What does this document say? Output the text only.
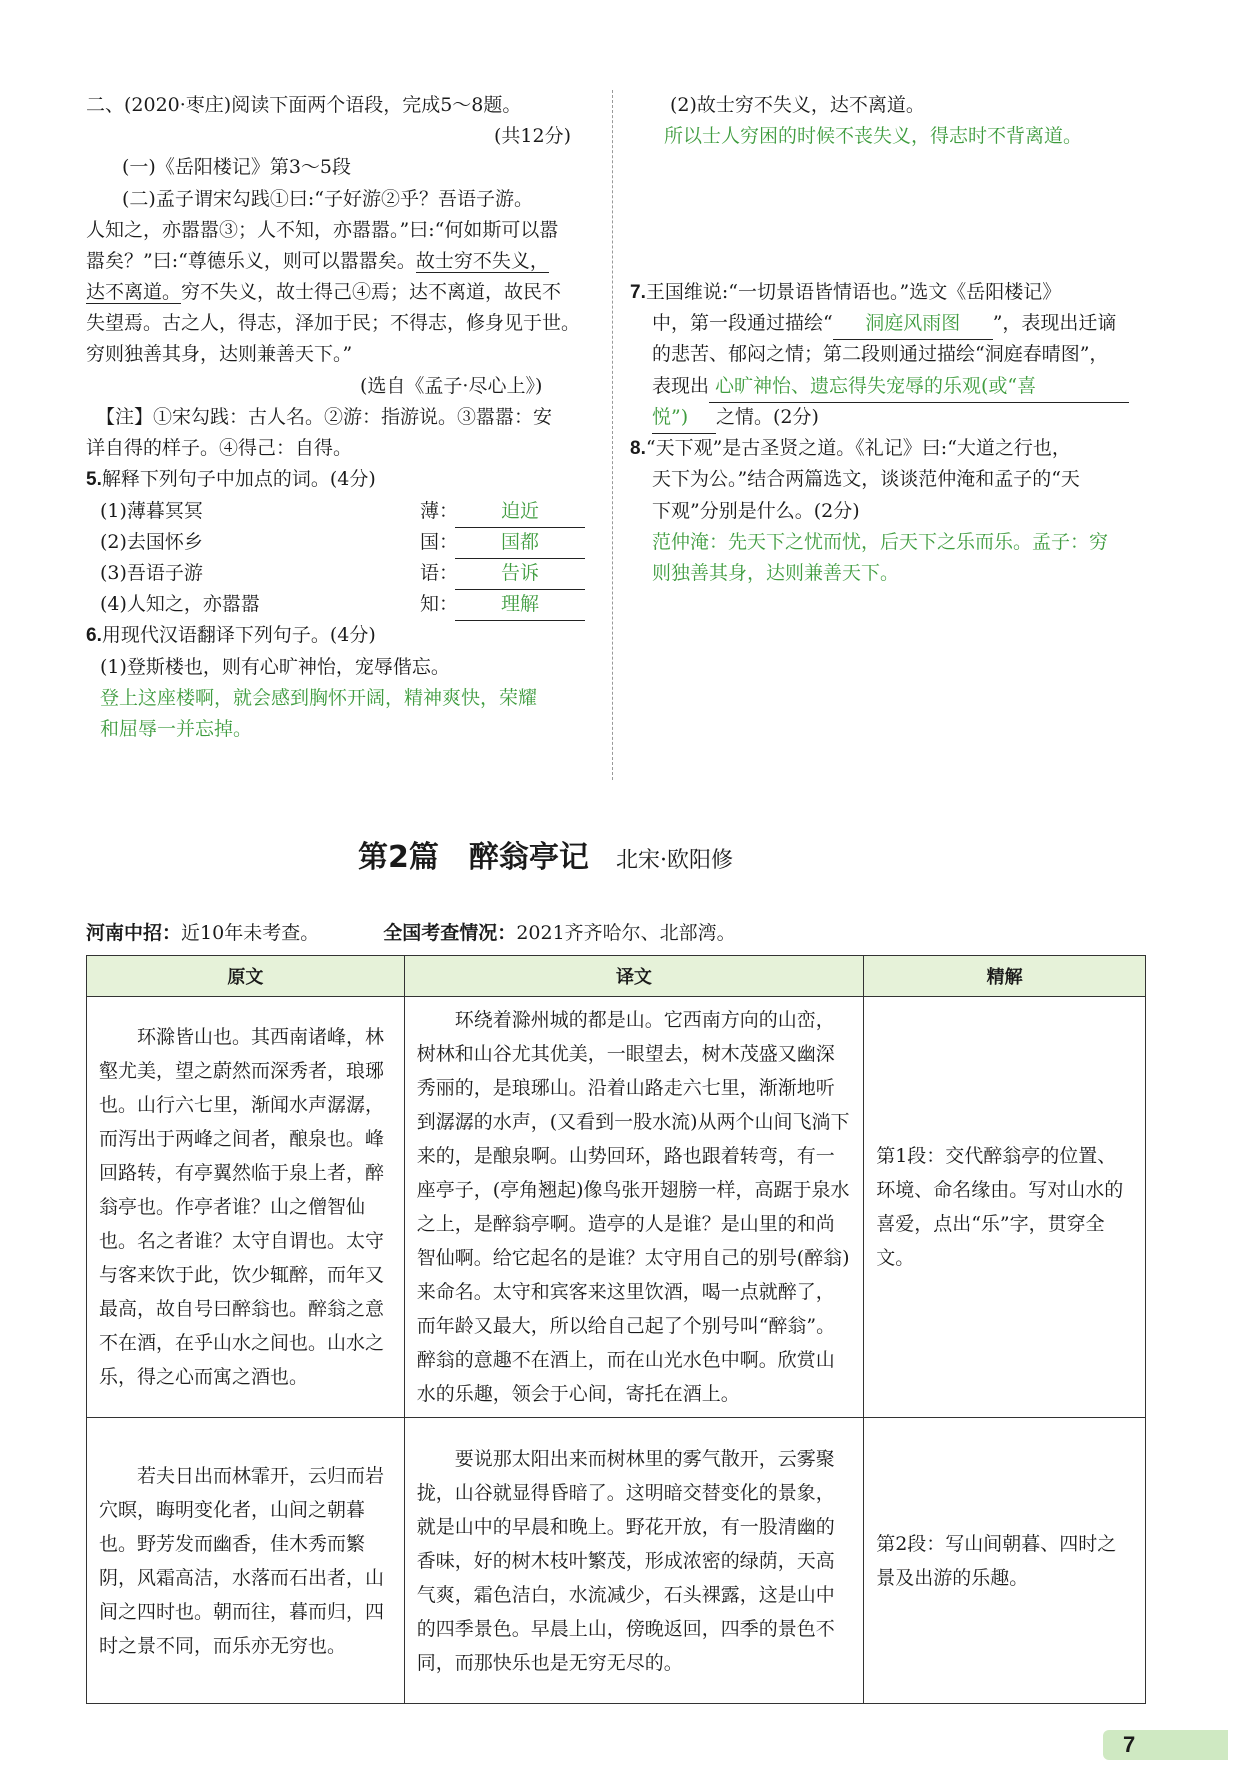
二、(2020·枣庄)阅读下面两个语段，完成5～8题。
(共12分)
(一)《岳阳楼记》第3～5段
(二)孟子谓宋勾践①曰:“子好游②乎？吾语子游。
人知之，亦嚣嚣③；人不知，亦嚣嚣。”曰:“何如斯可以嚣
嚣矣？”曰:“尊德乐义，则可以嚣嚣矣。故士穷不失义，
达不离道。穷不失义，故士得己④焉；达不离道，故民不
失望焉。古之人，得志，泽加于民；不得志，修身见于世。
穷则独善其身，达则兼善天下。”
(选自《孟子·尽心上》)
【注】①宋勾践：古人名。②游：指游说。③嚣嚣：安
详自得的样子。④得己：自得。
5.解释下列句子中加点的词。(4分)
(1)薄暮冥冥	薄：	迫近
(2)去国怀乡	国：	国都
(3)吾语子游	语：	告诉
(4)人知之，亦嚣嚣	知：	理解
6.用现代汉语翻译下列句子。(4分)
(1)登斯楼也，则有心旷神怡，宠辱偕忘。
登上这座楼啊，就会感到胸怀开阔，精神爽快，荣耀
和屈辱一并忘掉。
(2)故士穷不失义，达不离道。
所以士人穷困的时候不丧失义，得志时不背离道。
7.王国维说:“一切景语皆情语也。”选文《岳阳楼记》
中，第一段通过描绘“ 洞庭风雨图 ”，表现出迁谪
的悲苦、郁闷之情；第二段则通过描绘“洞庭春晴图”，
表现出 心旷神怡、遗忘得失宠辱的乐观(或“喜
悦”) 之情。(2分)
8.“天下观”是古圣贤之道。《礼记》曰:“大道之行也，
天下为公。”结合两篇选文，谈谈范仲淹和孟子的“天
下观”分别是什么。(2分)
范仲淹：先天下之忧而忧，后天下之乐而乐。孟子：穷
则独善其身，达则兼善天下。
第2篇　醉翁亭记 北宋·欧阳修
河南中招：近10年未考查。	全国考查情况：2021齐齐哈尔、北部湾。
原文	译文	精解
环滁皆山也。其西南诸峰，林壑尤美，望之蔚然而深秀者，琅琊也。山行六七里，渐闻水声潺潺，而泻出于两峰之间者，酿泉也。峰回路转，有亭翼然临于泉上者，醉翁亭也。作亭者谁？山之僧智仙也。名之者谁？太守自谓也。太守与客来饮于此，饮少辄醉，而年又最高，故自号曰醉翁也。醉翁之意不在酒，在乎山水之间也。山水之乐，得之心而寓之酒也。	环绕着滁州城的都是山。它西南方向的山峦，树林和山谷尤其优美，一眼望去，树木茂盛又幽深秀丽的，是琅琊山。沿着山路走六七里，渐渐地听到潺潺的水声，(又看到一股水流)从两个山间飞淌下来的，是酿泉啊。山势回环，路也跟着转弯，有一座亭子，(亭角翘起)像鸟张开翅膀一样，高踞于泉水之上，是醉翁亭啊。造亭的人是谁？是山里的和尚智仙啊。给它起名的是谁？太守用自己的别号(醉翁)来命名。太守和宾客来这里饮酒，喝一点就醉了，而年龄又最大，所以给自己起了个别号叫“醉翁”。醉翁的意趣不在酒上，而在山光水色中啊。欣赏山水的乐趣，领会于心间，寄托在酒上。	第1段：交代醉翁亭的位置、环境、命名缘由。写对山水的喜爱，点出“乐”字，贯穿全文。
若夫日出而林霏开，云归而岩穴暝，晦明变化者，山间之朝暮也。野芳发而幽香，佳木秀而繁阴，风霜高洁，水落而石出者，山间之四时也。朝而往，暮而归，四时之景不同，而乐亦无穷也。	要说那太阳出来而树林里的雾气散开，云雾聚拢，山谷就显得昏暗了。这明暗交替变化的景象，就是山中的早晨和晚上。野花开放，有一股清幽的香味，好的树木枝叶繁茂，形成浓密的绿荫，天高气爽，霜色洁白，水流减少，石头裸露，这是山中的四季景色。早晨上山，傍晚返回，四季的景色不同，而那快乐也是无穷无尽的。	第2段：写山间朝暮、四时之景及出游的乐趣。
7
